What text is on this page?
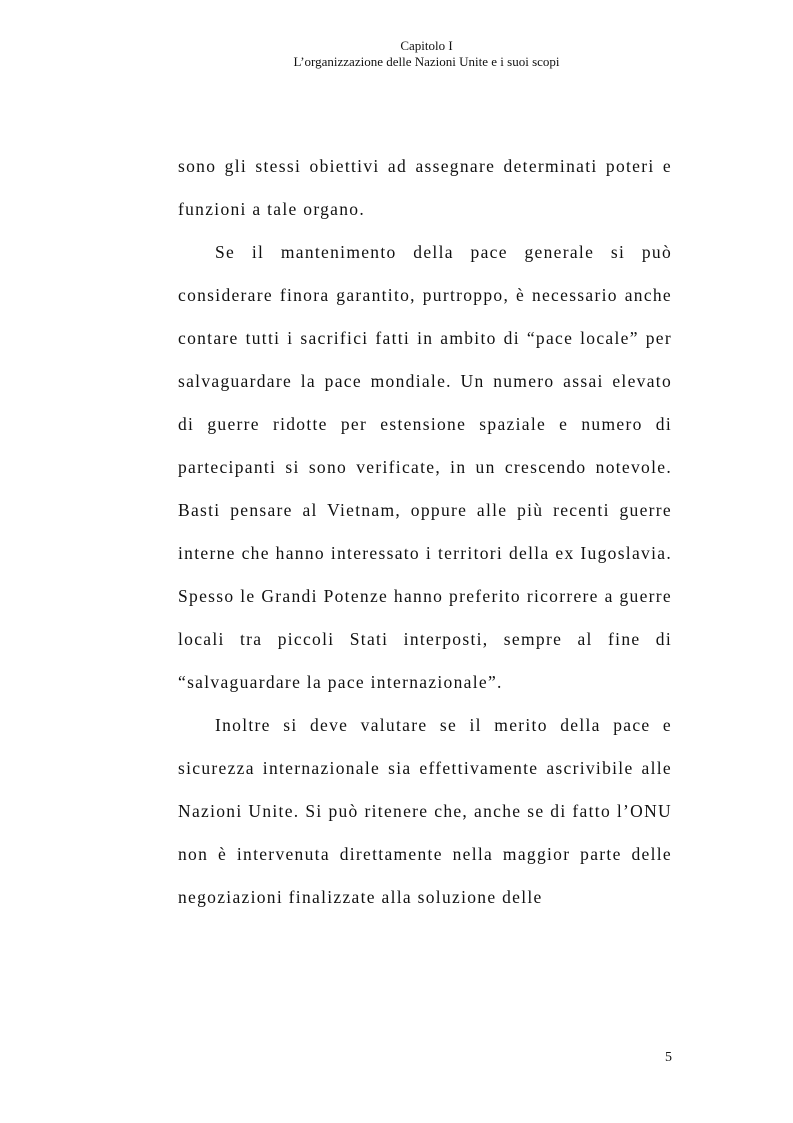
Capitolo I
L’organizzazione delle Nazioni Unite e i suoi scopi

sono gli stessi obiettivi ad assegnare determinati poteri e funzioni a tale organo.

Se il mantenimento della pace generale si può considerare finora garantito, purtroppo, è necessario anche contare tutti i sacrifici fatti in ambito di “pace locale” per salvaguardare la pace mondiale. Un numero assai elevato di guerre ridotte per estensione spaziale e numero di partecipanti si sono verificate, in un crescendo notevole. Basti pensare al Vietnam, oppure alle più recenti guerre interne che hanno interessato i territori della ex Iugoslavia. Spesso le Grandi Potenze hanno preferito ricorrere a guerre locali tra piccoli Stati interposti, sempre al fine di “salvaguardare la pace internazionale”.

Inoltre si deve valutare se il merito della pace e sicurezza internazionale sia effettivamente ascrivibile alle Nazioni Unite. Si può ritenere che, anche se di fatto l’ONU non è intervenuta direttamente nella maggior parte delle negoziazioni finalizzate alla soluzione delle

5
